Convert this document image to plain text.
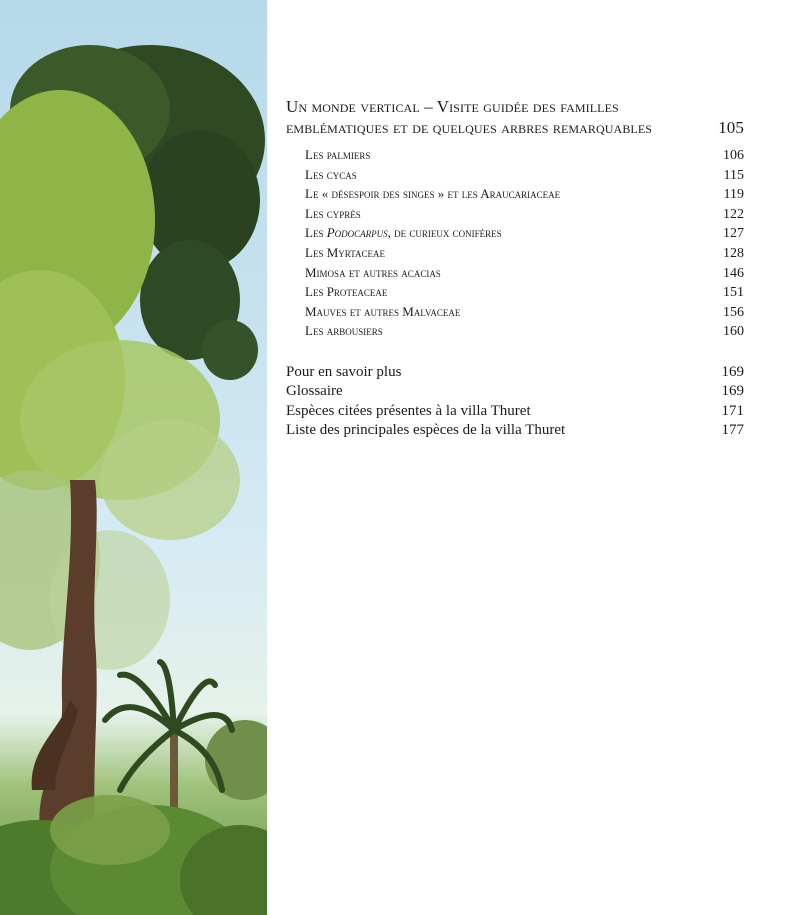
Un monde vertical – Visite guidée des familles
emblématiques et de quelques arbres remarquables	105
Les palmiers	106
Les cycas	115
Le « désespoir des singes » et les Araucariaceae	119
Les cyprès	122
Les Podocarpus, de curieux conifères	127
Les Myrtaceae	128
Mimosa et autres acacias	146
Les Proteaceae	151
Mauves et autres Malvaceae	156
Les arbousiers	160
Pour en savoir plus	169
Glossaire	169
Espèces citées présentes à la villa Thuret	171
Liste des principales espèces de la villa Thuret	177
